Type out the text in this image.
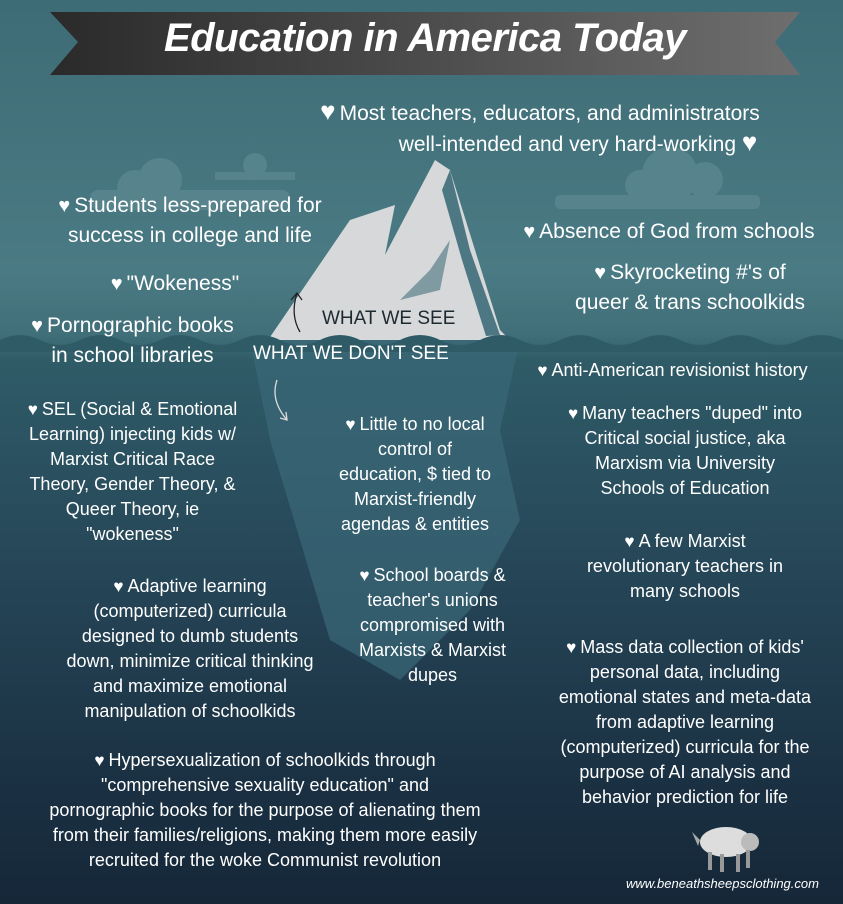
Education in America Today
♥ Most teachers, educators, and administrators
well-intended and very hard-working ♥
♥ Students less-prepared for
success in college and life
♥ "Wokeness"
♥ Pornographic books
in school libraries
♥ Absence of God from schools
♥ Skyrocketing #'s of
queer & trans schoolkids
WHAT WE SEE
WHAT WE DON'T SEE
♥ Anti-American revisionist history
♥ SEL (Social & Emotional
Learning) injecting kids w/
Marxist Critical Race
Theory, Gender Theory, &
Queer Theory, ie
"wokeness"
♥ Little to no local
control of
education, $ tied to
Marxist-friendly
agendas & entities
♥ Many teachers "duped" into
Critical social justice, aka
Marxism via University
Schools of Education
♥ A few Marxist
revolutionary teachers in
many schools
♥ Adaptive learning
(computerized) curricula
designed to dumb students
down, minimize critical thinking
and maximize emotional
manipulation of schoolkids
♥ School boards &
teacher's unions
compromised with
Marxists & Marxist
dupes
♥ Mass data collection of kids'
personal data, including
emotional states and meta-data
from adaptive learning
(computerized) curricula for the
purpose of AI analysis and
behavior prediction for life
♥ Hypersexualization of schoolkids through
"comprehensive sexuality education" and
pornographic books for the purpose of alienating them
from their families/religions, making them more easily
recruited for the woke Communist revolution
www.beneathsheepsclothing.com
